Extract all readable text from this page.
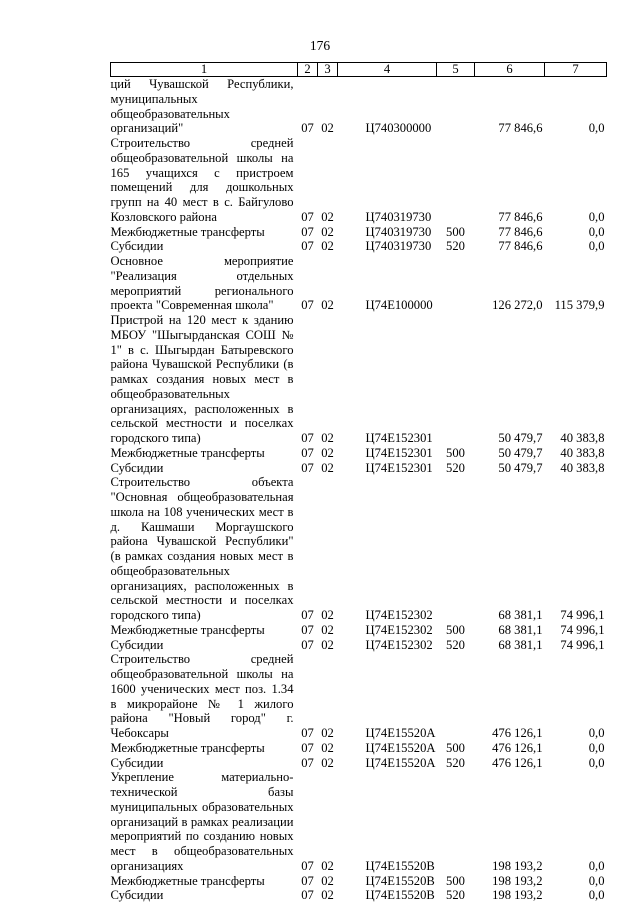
176
1	2	3	4	5	6	7
ций Чувашской Республики, муниципальных общеобразовательных организаций"	07	02	Ц740300000		77 846,6	0,0
Строительство средней общеобразовательной школы на 165 учащихся с пристроем помещений для дошкольных групп на 40 мест в с. Байгулово Козловского района	07	02	Ц740319730		77 846,6	0,0
Межбюджетные трансферты	07	02	Ц740319730	500	77 846,6	0,0
Субсидии	07	02	Ц740319730	520	77 846,6	0,0
Основное мероприятие "Реализация отдельных мероприятий регионального проекта "Современная школа"	07	02	Ц74E100000		126 272,0	115 379,9
Пристрой на 120 мест к зданию МБОУ "Шыгырданская СОШ № 1" в с. Шыгырдан Батыревского района Чувашской Республики (в рамках создания новых мест в общеобразовательных организациях, расположенных в сельской местности и поселках городского типа)	07	02	Ц74E152301		50 479,7	40 383,8
Межбюджетные трансферты	07	02	Ц74E152301	500	50 479,7	40 383,8
Субсидии	07	02	Ц74E152301	520	50 479,7	40 383,8
Строительство объекта "Основная общеобразовательная школа на 108 ученических мест в д. Кашмаши Моргаушского района Чувашской Республики" (в рамках создания новых мест в общеобразовательных организациях, расположенных в сельской местности и поселках городского типа)	07	02	Ц74E152302		68 381,1	74 996,1
Межбюджетные трансферты	07	02	Ц74E152302	500	68 381,1	74 996,1
Субсидии	07	02	Ц74E152302	520	68 381,1	74 996,1
Строительство средней общеобразовательной школы на 1600 ученических мест поз. 1.34 в микрорайоне № 1 жилого района "Новый город" г. Чебоксары	07	02	Ц74E15520A		476 126,1	0,0
Межбюджетные трансферты	07	02	Ц74E15520A	500	476 126,1	0,0
Субсидии	07	02	Ц74E15520A	520	476 126,1	0,0
Укрепление материально-технической базы муниципальных образовательных организаций в рамках реализации мероприятий по созданию новых мест в общеобразовательных организациях	07	02	Ц74E15520B		198 193,2	0,0
Межбюджетные трансферты	07	02	Ц74E15520B	500	198 193,2	0,0
Субсидии	07	02	Ц74E15520B	520	198 193,2	0,0
